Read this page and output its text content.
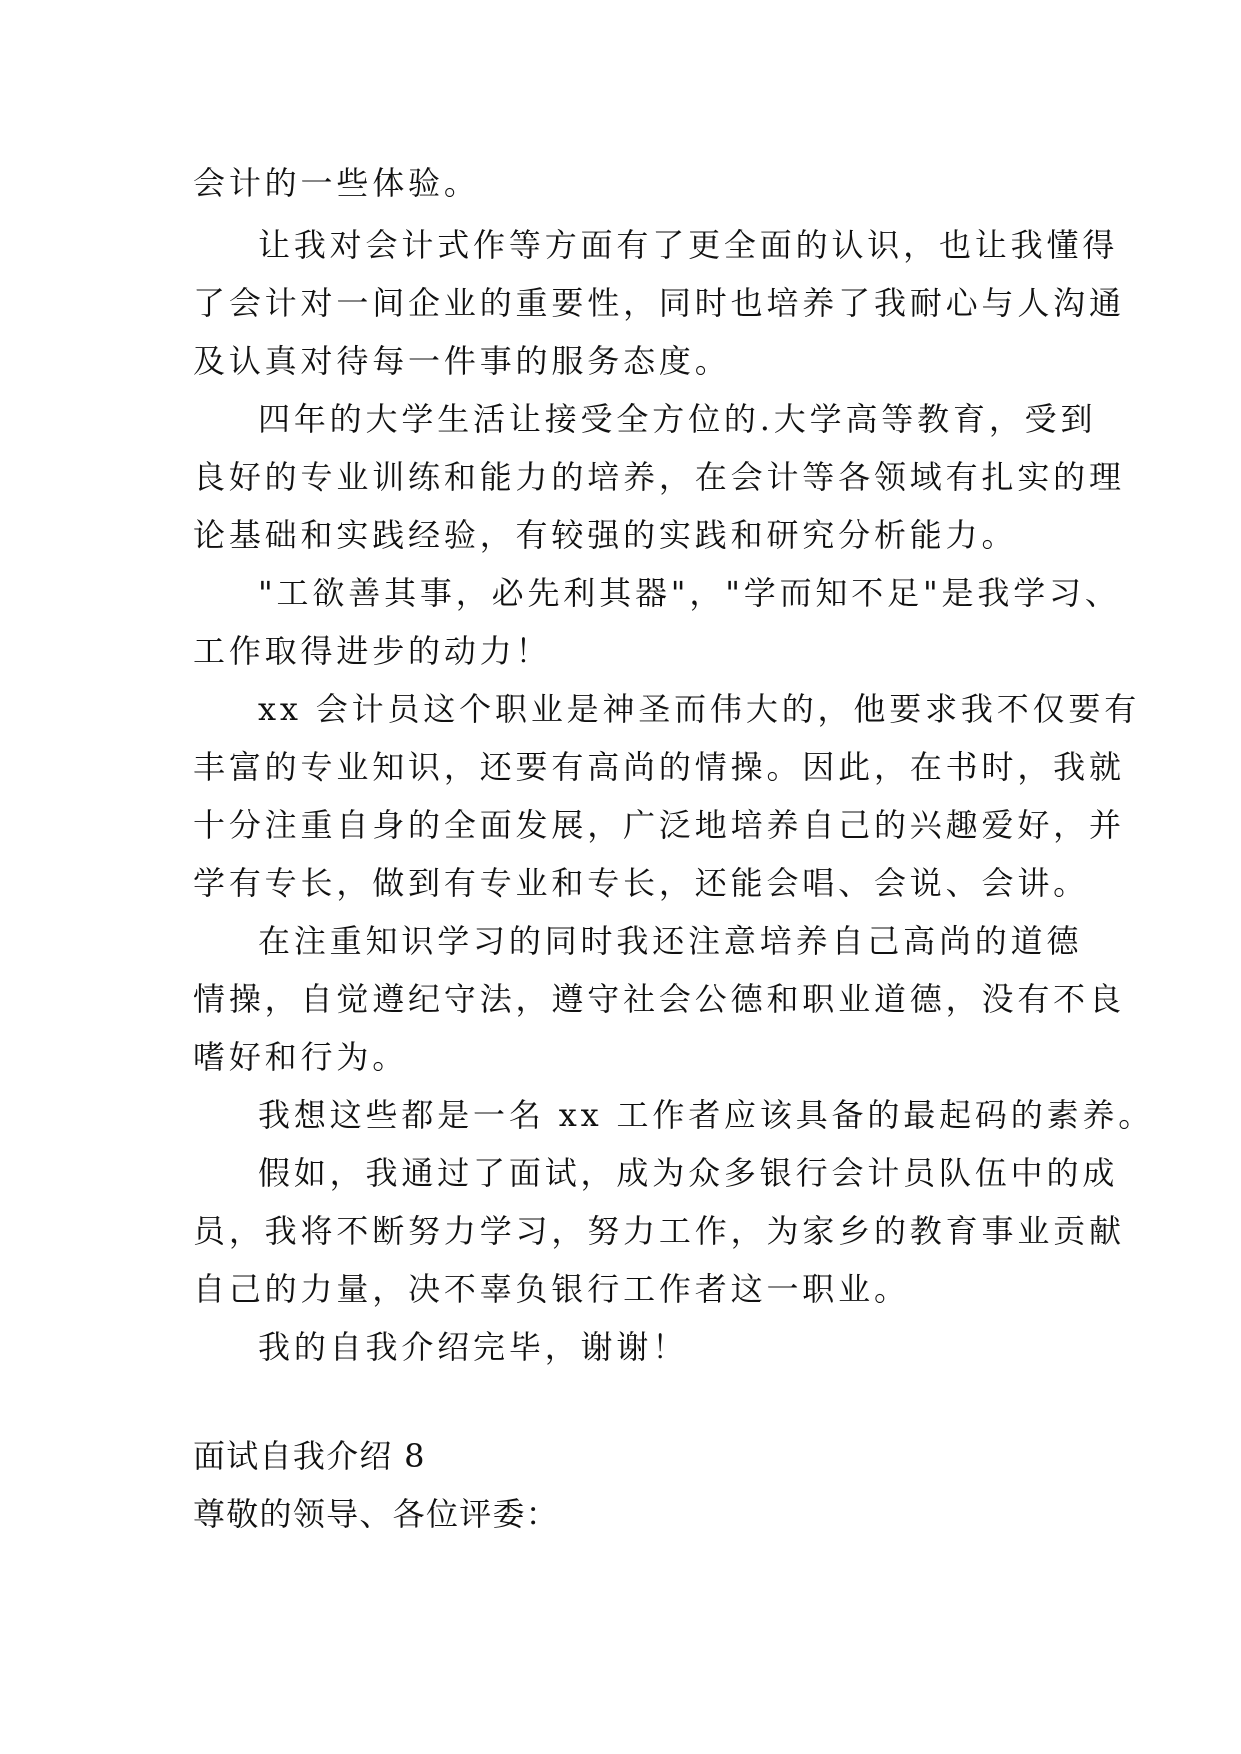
会计的一些体验。
让我对会计式作等方面有了更全面的认识，也让我懂得
了会计对一间企业的重要性，同时也培养了我耐心与人沟通
及认真对待每一件事的服务态度。
四年的大学生活让接受全方位的.大学高等教育，受到
良好的专业训练和能力的培养，在会计等各领域有扎实的理
论基础和实践经验，有较强的实践和研究分析能力。
"工欲善其事，必先利其器"，"学而知不足"是我学习、
工作取得进步的动力！
xx 会计员这个职业是神圣而伟大的，他要求我不仅要有
丰富的专业知识，还要有高尚的情操。因此，在书时，我就
十分注重自身的全面发展，广泛地培养自己的兴趣爱好，并
学有专长，做到有专业和专长，还能会唱、会说、会讲。
在注重知识学习的同时我还注意培养自己高尚的道德
情操，自觉遵纪守法，遵守社会公德和职业道德，没有不良
嗜好和行为。
我想这些都是一名 xx 工作者应该具备的最起码的素养。
假如，我通过了面试，成为众多银行会计员队伍中的成
员，我将不断努力学习，努力工作，为家乡的教育事业贡献
自己的力量，决不辜负银行工作者这一职业。
我的自我介绍完毕，谢谢！
面试自我介绍 8
尊敬的领导、各位评委：
